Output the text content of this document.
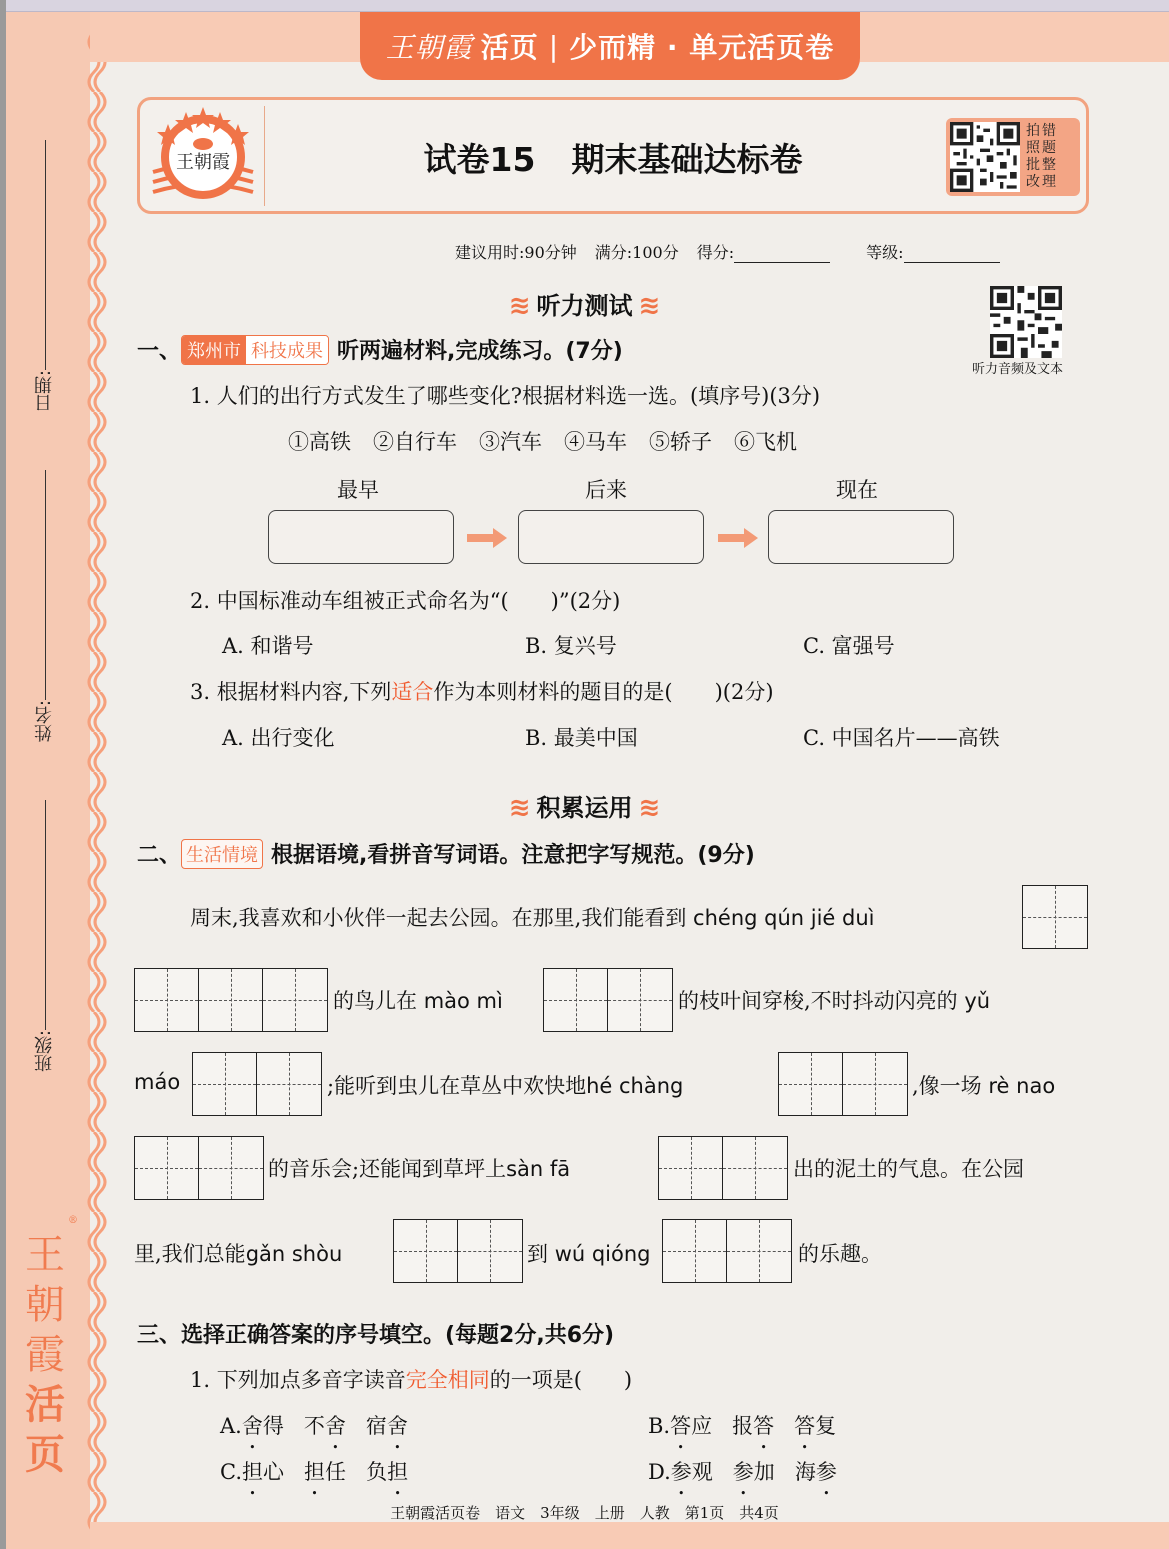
日期:
姓名:
班级:
®
王
朝
霞
活
页
王朝霞 活页 | 少而精 · 单元活页卷
王朝霞	试卷15 期末基础达标卷
拍
照
批
改
错
题
整
理
建议用时:90分钟 满分:100分 得分:	等级:
≋ 听力测试 ≋
听力音频及文本
一、 郑州市 科技成果 听两遍材料,完成练习。(7分)
1. 人们的出行方式发生了哪些变化?根据材料选一选。(填序号)(3分)
①高铁 ②自行车 ③汽车 ④马车 ⑤轿子 ⑥飞机
最早	后来	现在
2. 中国标准动车组被正式命名为“(　　)”(2分)
A. 和谐号	B. 复兴号	C. 富强号
3. 根据材料内容,下列适合作为本则材料的题目的是(　　)(2分)
A. 出行变化	B. 最美中国	C. 中国名片——高铁
≋ 积累运用 ≋
二、 生活情境 根据语境,看拼音写词语。注意把字写规范。(9分)
周末,我喜欢和小伙伴一起去公园。在那里,我们能看到 chéng qún jié duì
的鸟儿在 mào mì	的枝叶间穿梭,不时抖动闪亮的 yǔ
máo	;能听到虫儿在草丛中欢快地hé chàng	,像一场 rè nao
的音乐会;还能闻到草坪上sàn fā	出的泥土的气息。在公园
里,我们总能gǎn shòu	到 wú qióng	的乐趣。
三、选择正确答案的序号填空。(每题2分,共6分)
1. 下列加点多音字读音完全相同的一项是(　　)
A.舍得 不舍 宿舍	B.答应 报答 答复
C.担心 担任 负担	D.参观 参加 海参
王朝霞活页卷　语文　3年级　上册　人教　第1页　共4页
